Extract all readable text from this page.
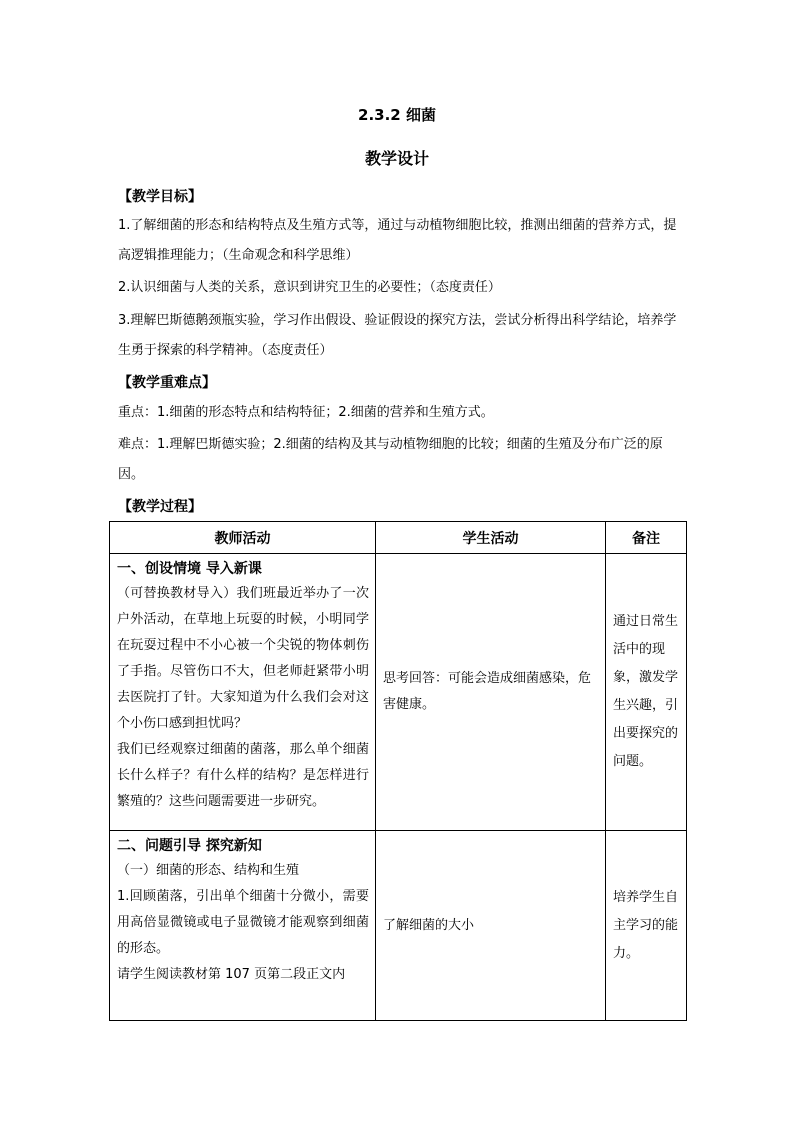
2.3.2 细菌
教学设计
【教学目标】
1.了解细菌的形态和结构特点及生殖方式等，通过与动植物细胞比较，推测出细菌的营养方式，提高逻辑推理能力；（生命观念和科学思维）
2.认识细菌与人类的关系，意识到讲究卫生的必要性；（态度责任）
3.理解巴斯德鹅颈瓶实验，学习作出假设、验证假设的探究方法，尝试分析得出科学结论，培养学生勇于探索的科学精神。（态度责任）
【教学重难点】
重点：1.细菌的形态特点和结构特征；2.细菌的营养和生殖方式。
难点：1.理解巴斯德实验；2.细菌的结构及其与动植物细胞的比较；细菌的生殖及分布广泛的原因。
【教学过程】
教师活动	学生活动	备注

一、创设情境 导入新课
（可替换教材导入）我们班最近举办了一次户外活动，在草地上玩耍的时候，小明同学在玩耍过程中不小心被一个尖锐的物体刺伤了手指。尽管伤口不大，但老师赶紧带小明去医院打了针。大家知道为什么我们会对这个小伤口感到担忧吗？
我们已经观察过细菌的菌落，那么单个细菌长什么样子？有什么样的结构？是怎样进行繁殖的？这些问题需要进一步研究。	思考回答：可能会造成细菌感染，危害健康。	通过日常生活中的现象，激发学生兴趣，引出要探究的问题。

二、问题引导 探究新知
（一）细菌的形态、结构和生殖
1.回顾菌落，引出单个细菌十分微小，需要用高倍显微镜或电子显微镜才能观察到细菌的形态。
请学生阅读教材第 107 页第二段正文内	了解细菌的大小	培养学生自主学习的能力。
